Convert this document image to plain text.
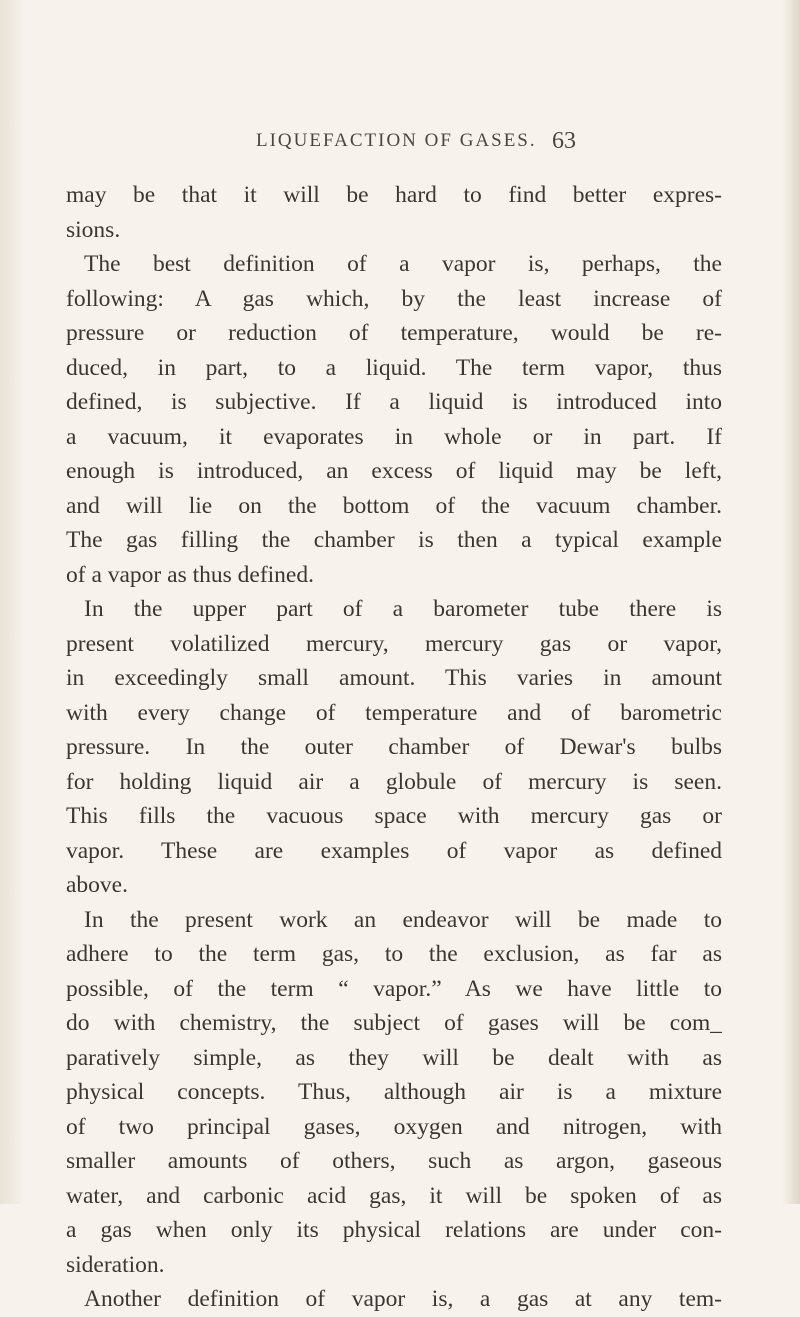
LIQUEFACTION OF GASES. 63
may be that it will be hard to find better expres-
sions.
The best definition of a vapor is, perhaps, the
following: A gas which, by the least increase of
pressure or reduction of temperature, would be re-
duced, in part, to a liquid. The term vapor, thus
defined, is subjective. If a liquid is introduced into
a vacuum, it evaporates in whole or in part. If
enough is introduced, an excess of liquid may be left,
and will lie on the bottom of the vacuum chamber.
The gas filling the chamber is then a typical example
of a vapor as thus defined.
In the upper part of a barometer tube there is
present volatilized mercury, mercury gas or vapor,
in exceedingly small amount. This varies in amount
with every change of temperature and of barometric
pressure. In the outer chamber of Dewar's bulbs
for holding liquid air a globule of mercury is seen.
This fills the vacuous space with mercury gas or
vapor. These are examples of vapor as defined
above.
In the present work an endeavor will be made to
adhere to the term gas, to the exclusion, as far as
possible, of the term “ vapor.” As we have little to
do with chemistry, the subject of gases will be com_
paratively simple, as they will be dealt with as
physical concepts. Thus, although air is a mixture
of two principal gases, oxygen and nitrogen, with
smaller amounts of others, such as argon, gaseous
water, and carbonic acid gas, it will be spoken of as
a gas when only its physical relations are under con-
sideration.
Another definition of vapor is, a gas at any tem-
